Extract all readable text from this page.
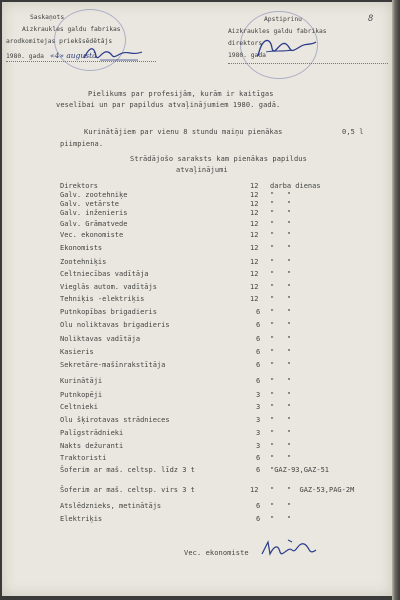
8
Saskaņots
Aizkraukles galdu fabrikas
arodkomitejas priekšsēdētājs
1980. gada «4» augustā
Apstiprinu
Aizkraukles galdu fabrikas
direktors
1980. gada
Pielikums par profesijām, kurām ir kaitīgas
veselībai un par papildus atvaļinājumiem 1980. gadā.
Kurinātājiem par vienu 8 stundu maiņu pienākas	0,5 l
piimpiena.
Strādājošo saraksts kam pienākas papildus
atvaļinājumi
Direktors	12 darba dienas
Galv. zootehniķe	12 "   "
Galv. vetārste	12 "   "
Galv. inženieris	12 "   "
Galv. Grāmatvede	12 "   "
Vec. ekonomiste	12 "   "
Ekonomists	12 "   "
Zootehniķis	12 "   "
Celtniecības vadītāja	12 "   "
Vieglās autom. vadītājs	12 "   "
Tehniķis -elektriķis	12 "   "
Putnkopības brigadieris	6 "   "
Olu noliktavas brigadieris	6 "   "
Noliktavas vadītāja	6 "   "
Kasieris	6 "   "
Sekretāre-mašīnrakstītāja	6 "   "
Kurinātāji	6 "   "
Putnkopēji	3 "   "
Celtnieki	3 "   "
Olu šķirotavas strādnieces	3 "   "
Palīgstrādnieki	3 "   "
Nakts dežuranti	3 "   "
Traktoristi	6 "   "
Šoferim ar maš. celtsp. līdz 3 t	6 "GAZ-93,GAZ-51
Šoferim ar maš. celtsp. virs 3 t	12 "   "  GAZ-53,PAG-2M
Atslēdznieks, metinātājs	6 "   "
Elektriķis	6 "   "
Vec. ekonomiste
